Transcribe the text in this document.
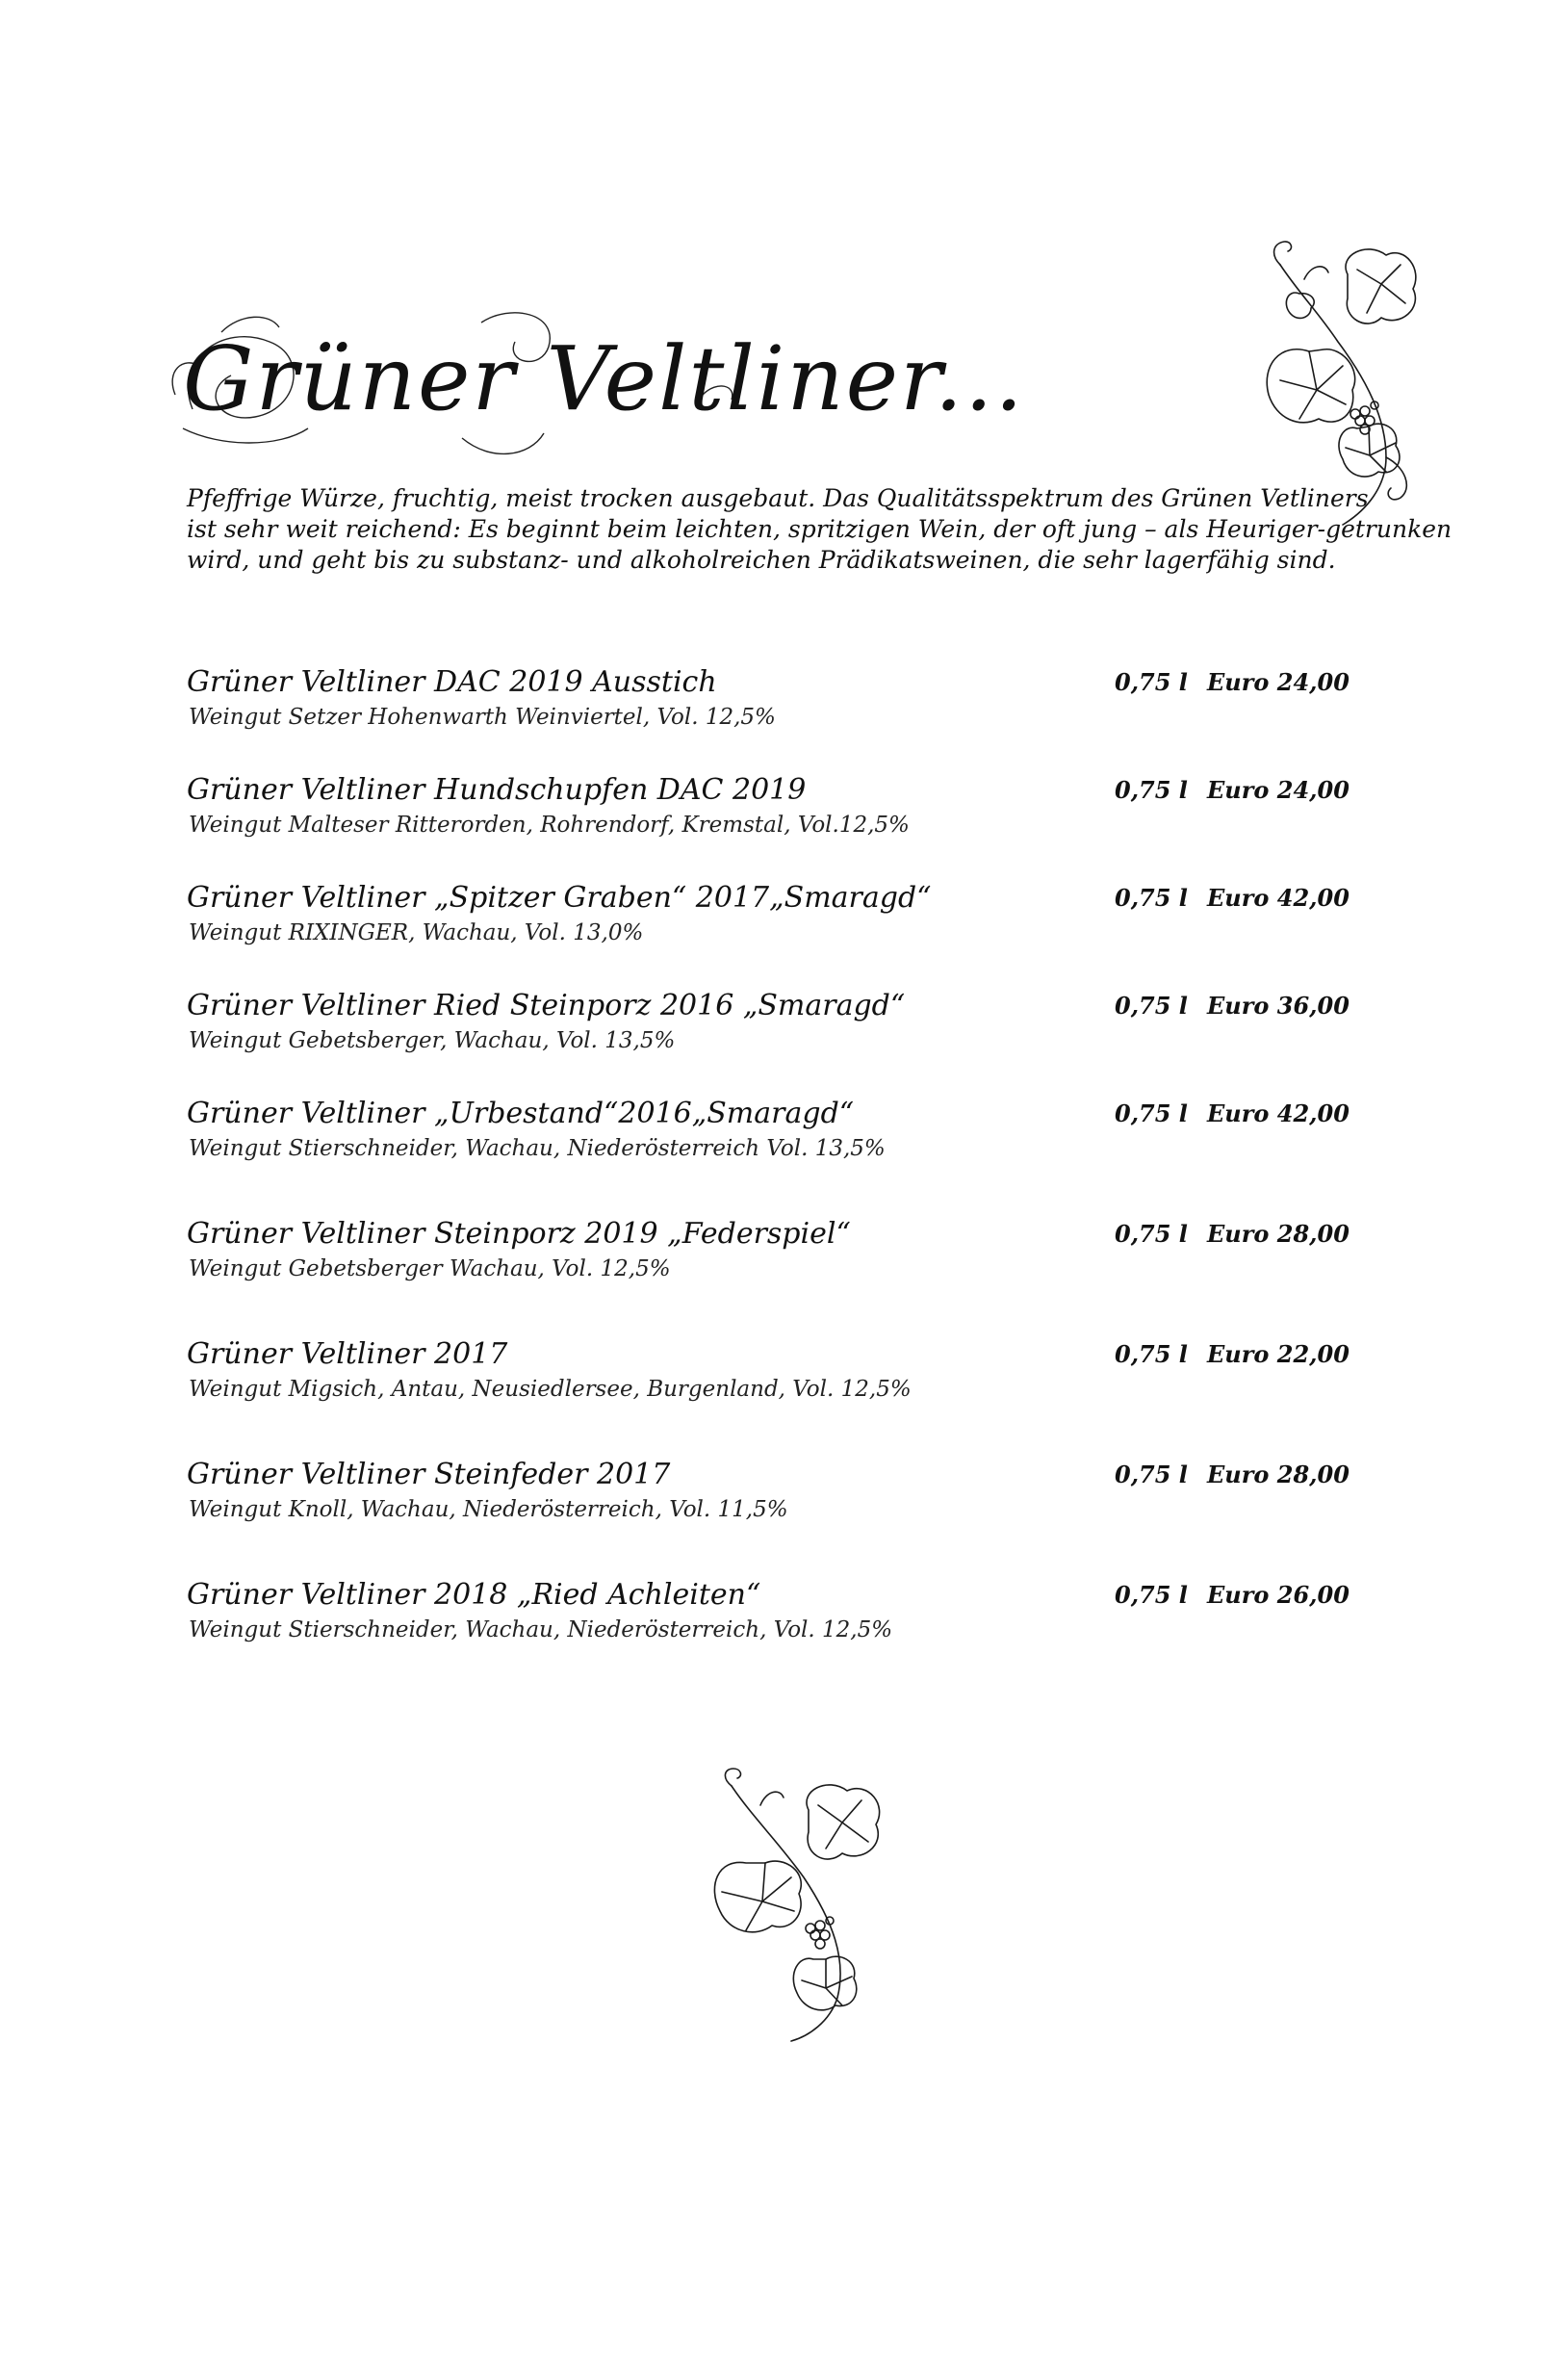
Grüner Veltliner...
Pfeffrige Würze, fruchtig, meist trocken ausgebaut. Das Qualitätsspektrum des Grünen Vetliners
ist sehr weit reichend: Es beginnt beim leichten, spritzigen Wein, der oft jung – als Heuriger-getrunken
wird, und geht bis zu substanz- und alkoholreichen Prädikatsweinen, die sehr lagerfähig sind.
Grüner Veltliner DAC 2019 Ausstich
Weingut Setzer Hohenwarth Weinviertel, Vol. 12,5%
0,75 l Euro 24,00
Grüner Veltliner Hundschupfen DAC 2019
Weingut Malteser Ritterorden, Rohrendorf, Kremstal, Vol.12,5%
0,75 l Euro 24,00
Grüner Veltliner „Spitzer Graben“ 2017„Smaragd“
Weingut RIXINGER, Wachau, Vol. 13,0%
0,75 l Euro 42,00
Grüner Veltliner Ried Steinporz 2016 „Smaragd“
Weingut Gebetsberger, Wachau, Vol. 13,5%
0,75 l Euro 36,00
Grüner Veltliner „Urbestand“2016„Smaragd“
Weingut Stierschneider, Wachau, Niederösterreich Vol. 13,5%
0,75 l Euro 42,00
Grüner Veltliner Steinporz 2019 „Federspiel“
Weingut Gebetsberger Wachau, Vol. 12,5%
0,75 l Euro 28,00
Grüner Veltliner 2017
Weingut Migsich, Antau, Neusiedlersee, Burgenland, Vol. 12,5%
0,75 l Euro 22,00
Grüner Veltliner Steinfeder 2017
Weingut Knoll, Wachau, Niederösterreich, Vol. 11,5%
0,75 l Euro 28,00
Grüner Veltliner 2018 „Ried Achleiten“
Weingut Stierschneider, Wachau, Niederösterreich, Vol. 12,5%
0,75 l Euro 26,00
